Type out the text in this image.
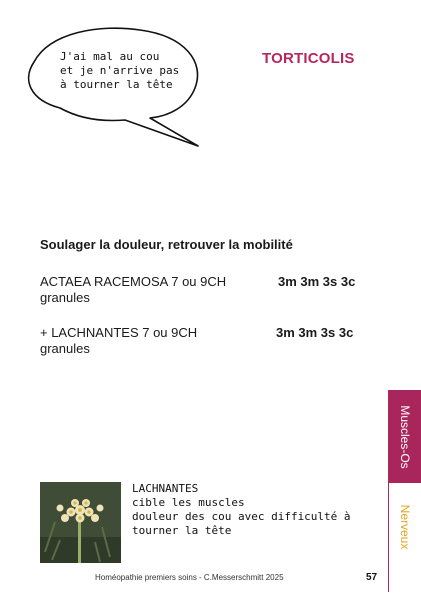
J'ai mal au cou
et je n'arrive pas
à tourner la tête
TORTICOLIS
Soulager la douleur, retrouver la mobilité
ACTAEA RACEMOSA 7 ou 9CH
granules
3m 3m 3s 3c
+ LACHNANTES 7 ou 9CH
granules
3m 3m 3s 3c
LACHNANTES
cible les muscles
douleur des cou avec difficulté à
tourner la tête
Homéopathie premiers soins - C.Messerschmitt 2025	57
Muscles-Os
Nerveux
